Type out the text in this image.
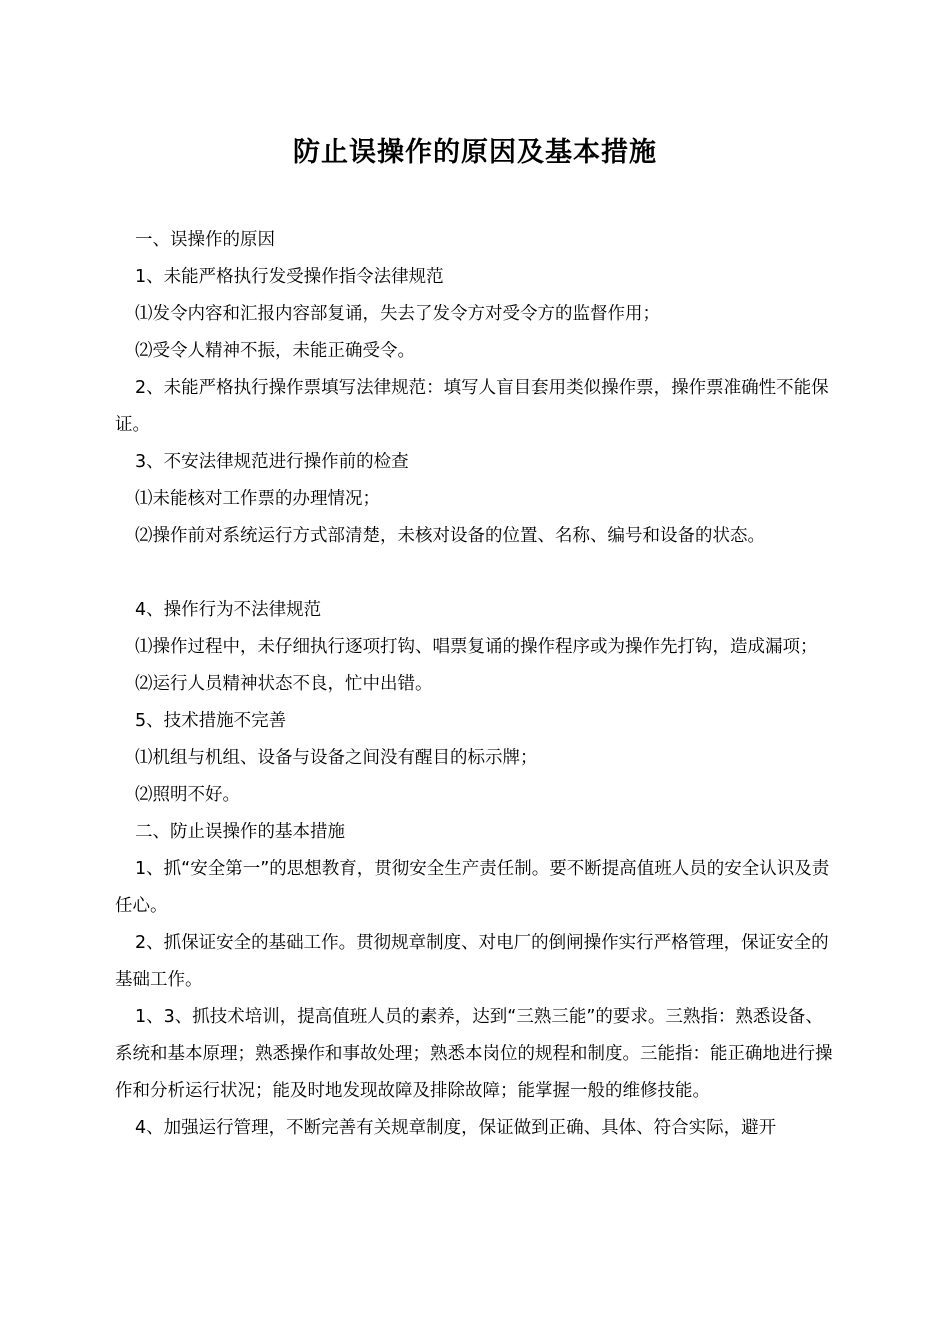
防止误操作的原因及基本措施

一、误操作的原因

1、未能严格执行发受操作指令法律规范

⑴发令内容和汇报内容部复诵，失去了发令方对受令方的监督作用；

⑵受令人精神不振，未能正确受令。

2、未能严格执行操作票填写法律规范：填写人盲目套用类似操作票，操作票准确性不能保证。

3、不安法律规范进行操作前的检查

⑴未能核对工作票的办理情况；

⑵操作前对系统运行方式部清楚，未核对设备的位置、名称、编号和设备的状态。

4、操作行为不法律规范

⑴操作过程中，未仔细执行逐项打钩、唱票复诵的操作程序或为操作先打钩，造成漏项；

⑵运行人员精神状态不良，忙中出错。

5、技术措施不完善

⑴机组与机组、设备与设备之间没有醒目的标示牌；

⑵照明不好。

二、防止误操作的基本措施

1、抓“安全第一”的思想教育，贯彻安全生产责任制。要不断提高值班人员的安全认识及责任心。

2、抓保证安全的基础工作。贯彻规章制度、对电厂的倒闸操作实行严格管理，保证安全的基础工作。

1、3、抓技术培训，提高值班人员的素养，达到“三熟三能”的要求。三熟指：熟悉设备、系统和基本原理；熟悉操作和事故处理；熟悉本岗位的规程和制度。三能指：能正确地进行操作和分析运行状况；能及时地发现故障及排除故障；能掌握一般的维修技能。

4、加强运行管理，不断完善有关规章制度，保证做到正确、具体、符合实际，避开
